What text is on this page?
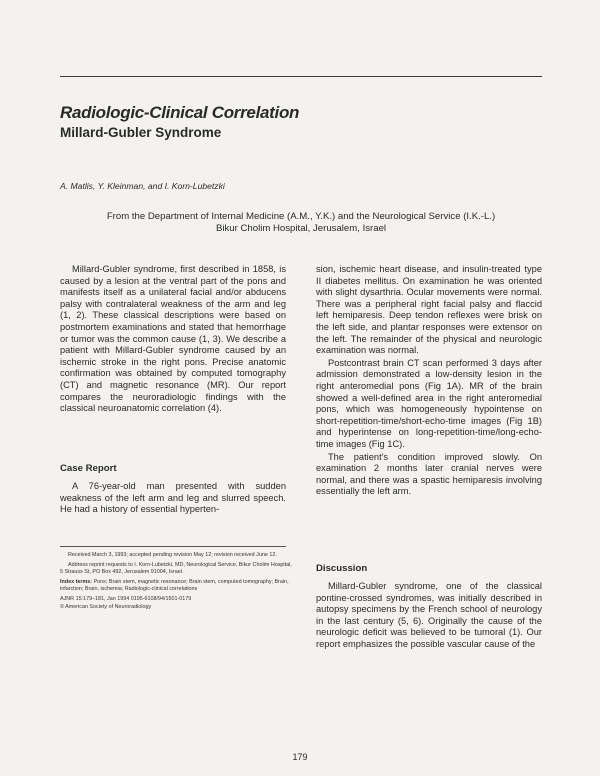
Radiologic-Clinical Correlation
Millard-Gubler Syndrome
A. Matlis, Y. Kleinman, and I. Korn-Lubetzki
From the Department of Internal Medicine (A.M., Y.K.) and the Neurological Service (I.K.-L.)
Bikur Cholim Hospital, Jerusalem, Israel

Millard-Gubler syndrome, first described in 1858, is caused by a lesion at the ventral part of the pons and manifests itself as a unilateral facial and/or abducens palsy with contralateral weakness of the arm and leg (1, 2). These classical descriptions were based on postmortem examinations and stated that hemorrhage or tumor was the common cause (1, 3). We describe a patient with Millard-Gubler syndrome caused by an ischemic stroke in the right pons. Precise anatomic confirmation was obtained by computed tomography (CT) and magnetic resonance (MR). Our report compares the neuroradiologic findings with the classical neuroanatomic correlation (4).

Case Report

A 76-year-old man presented with sudden weakness of the left arm and leg and slurred speech. He had a history of essential hyperten-

Received March 3, 1993; accepted pending revision May 12; revision received June 12.

Address reprint requests to I. Korn-Lubetzki, MD, Neurological Service, Bikur Cholim Hospital, 5 Strauss St, PO Box 492, Jerusalem 91004, Israel.

Index terms: Pons; Brain stem, magnetic resonance; Brain stem, computed tomography; Brain, infarction; Brain, ischemia; Radiologic-clinical correlations

AJNR 15:179–181, Jan 1994 0195-6108/94/1501-0179

© American Society of Neuroradiology

sion, ischemic heart disease, and insulin-treated type II diabetes mellitus. On examination he was oriented with slight dysarthria. Ocular movements were normal. There was a peripheral right facial palsy and flaccid left hemiparesis. Deep tendon reflexes were brisk on the left side, and plantar responses were extensor on the left. The remainder of the physical and neurologic examination was normal.

Postcontrast brain CT scan performed 3 days after admission demonstrated a low-density lesion in the right anteromedial pons (Fig 1A). MR of the brain showed a well-defined area in the right anteromedial pons, which was homogeneously hypointense on short-repetition-time/short-echo-time images (Fig 1B) and hyperintense on long-repetition-time/long-echo-time images (Fig 1C).

The patient's condition improved slowly. On examination 2 months later cranial nerves were normal, and there was a spastic hemiparesis involving essentially the left arm.

Discussion

Millard-Gubler syndrome, one of the classical pontine-crossed syndromes, was initially described in autopsy specimens by the French school of neurology in the last century (5, 6). Originally the cause of the neurologic deficit was believed to be tumoral (1). Our report emphasizes the possible vascular cause of the

179
